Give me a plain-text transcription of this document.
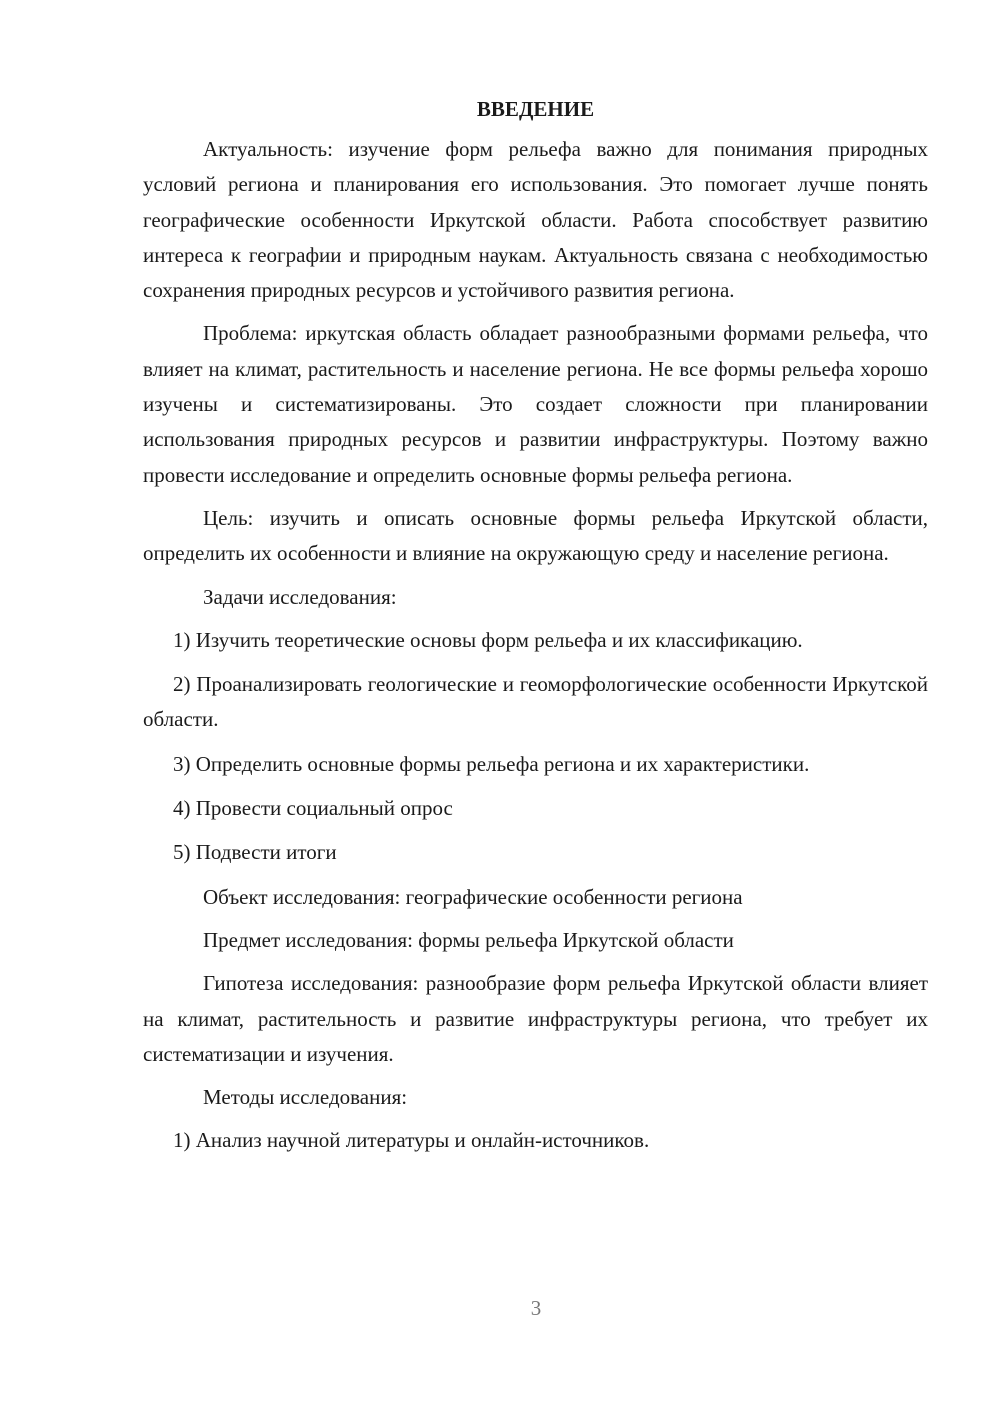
ВВЕДЕНИЕ

Актуальность: изучение форм рельефа важно для понимания природных условий региона и планирования его использования. Это помогает лучше понять географические особенности Иркутской области. Работа способствует развитию интереса к географии и природным наукам. Актуальность связана с необходимостью сохранения природных ресурсов и устойчивого развития региона.

Проблема: иркутская область обладает разнообразными формами рельефа, что влияет на климат, растительность и население региона. Не все формы рельефа хорошо изучены и систематизированы. Это создает сложности при планировании использования природных ресурсов и развитии инфраструктуры. Поэтому важно провести исследование и определить основные формы рельефа региона.

Цель: изучить и описать основные формы рельефа Иркутской области, определить их особенности и влияние на окружающую среду и население региона.

Задачи исследования:

1) Изучить теоретические основы форм рельефа и их классификацию.

2) Проанализировать геологические и геоморфологические особенности Иркутской области.

3) Определить основные формы рельефа региона и их характеристики.

4) Провести социальный опрос

5) Подвести итоги

Объект исследования: географические особенности региона

Предмет исследования: формы рельефа Иркутской области

Гипотеза исследования: разнообразие форм рельефа Иркутской области влияет на климат, растительность и развитие инфраструктуры региона, что требует их систематизации и изучения.

Методы исследования:

1) Анализ научной литературы и онлайн-источников.

3
